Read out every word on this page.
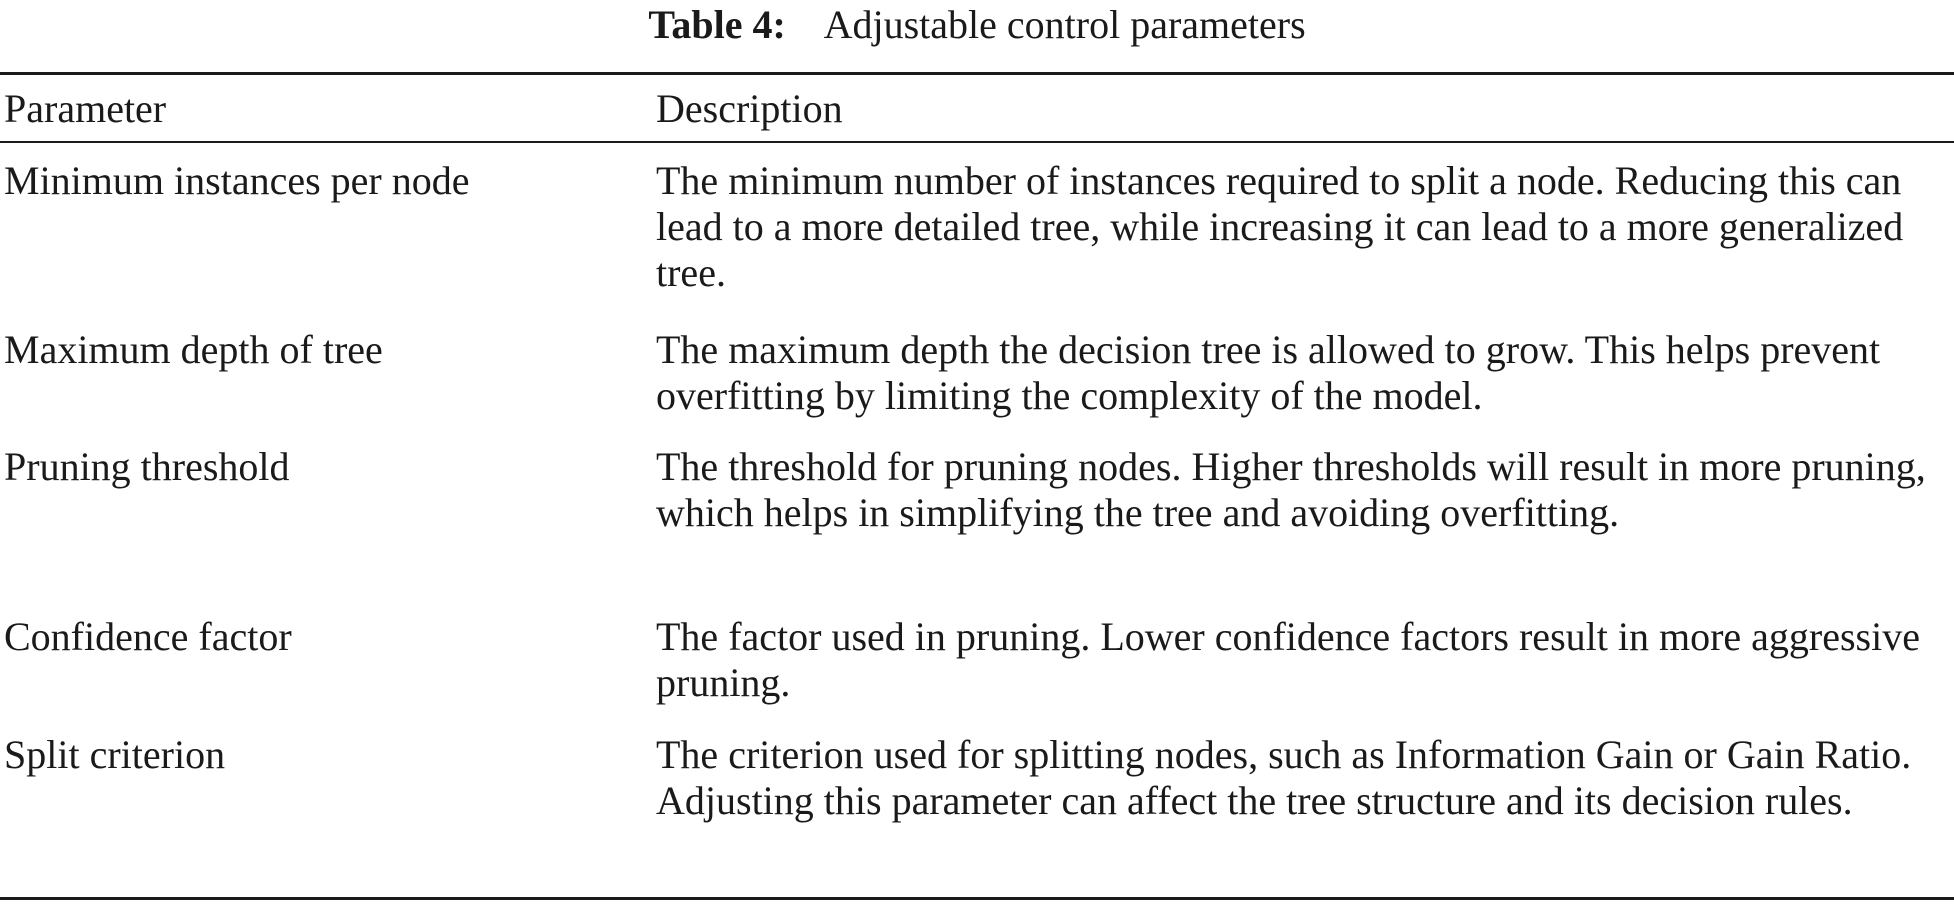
Table 4: Adjustable control parameters
Parameter	Description
Minimum instances per node	The minimum number of instances required to split a node. Reducing this can lead to a more detailed tree, while increasing it can lead to a more generalized tree.
Maximum depth of tree	The maximum depth the decision tree is allowed to grow. This helps prevent overfitting by limiting the complexity of the model.
Pruning threshold	The threshold for pruning nodes. Higher thresholds will result in more pruning, which helps in simplifying the tree and avoiding overfitting.
Confidence factor	The factor used in pruning. Lower confidence factors result in more aggressive pruning.
Split criterion	The criterion used for splitting nodes, such as Information Gain or Gain Ratio. Adjusting this parameter can affect the tree structure and its decision rules.
